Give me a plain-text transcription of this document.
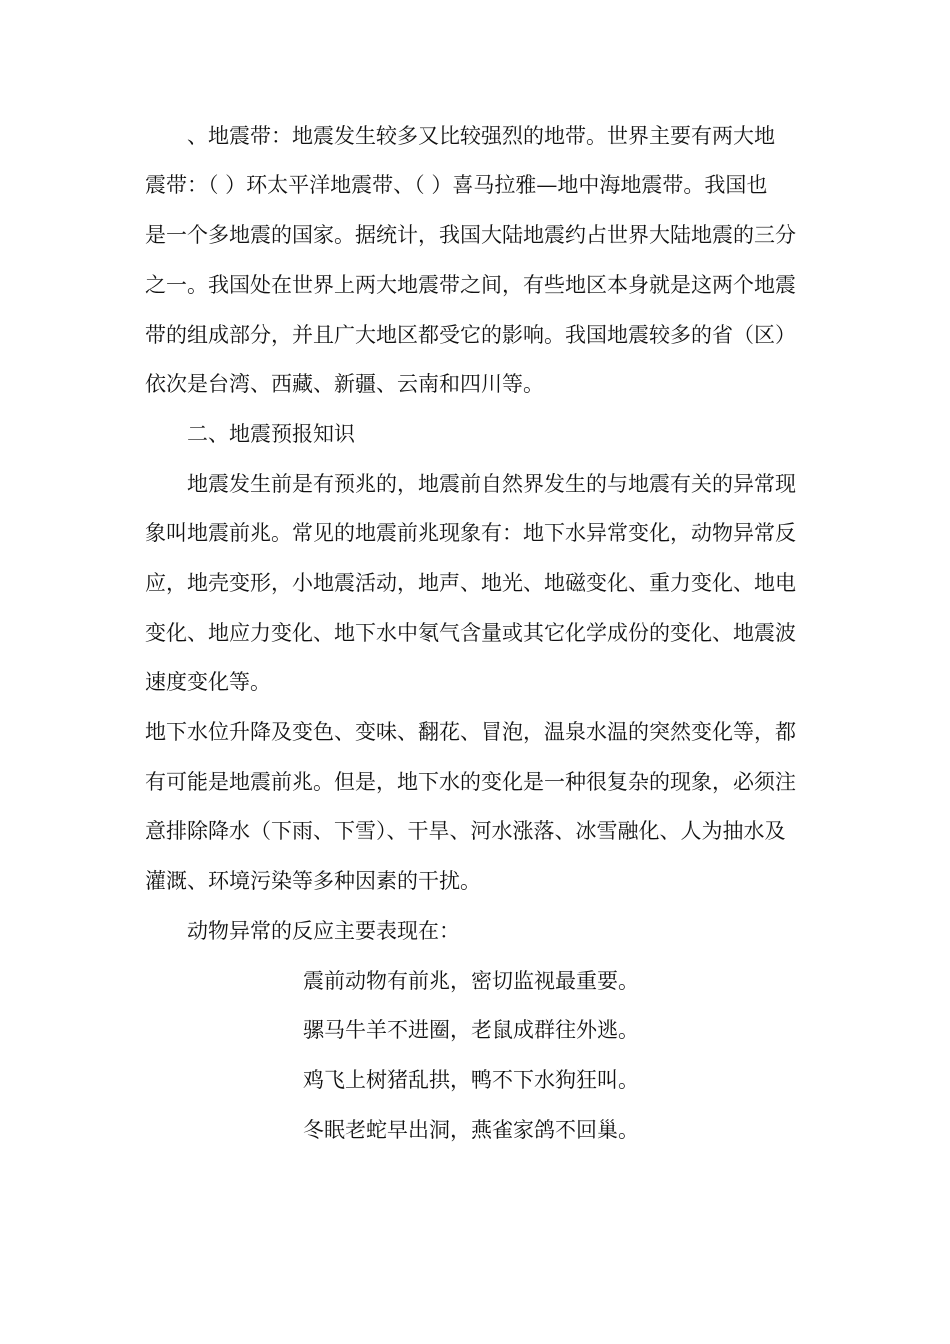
、地震带：地震发生较多又比较强烈的地带。世界主要有两大地
震带：（ ）环太平洋地震带、（ ）喜马拉雅—地中海地震带。我国也
是一个多地震的国家。据统计，我国大陆地震约占世界大陆地震的三分
之一。我国处在世界上两大地震带之间，有些地区本身就是这两个地震
带的组成部分，并且广大地区都受它的影响。我国地震较多的省（区）
依次是台湾、西藏、新疆、云南和四川等。
二、地震预报知识
地震发生前是有预兆的，地震前自然界发生的与地震有关的异常现
象叫地震前兆。常见的地震前兆现象有：地下水异常变化，动物异常反
应，地壳变形，小地震活动，地声、地光、地磁变化、重力变化、地电
变化、地应力变化、地下水中氡气含量或其它化学成份的变化、地震波
速度变化等。
地下水位升降及变色、变味、翻花、冒泡，温泉水温的突然变化等，都
有可能是地震前兆。但是，地下水的变化是一种很复杂的现象，必须注
意排除降水（下雨、下雪）、干旱、河水涨落、冰雪融化、人为抽水及
灌溉、环境污染等多种因素的干扰。
动物异常的反应主要表现在：
震前动物有前兆，密切监视最重要。
骡马牛羊不进圈，老鼠成群往外逃。
鸡飞上树猪乱拱，鸭不下水狗狂叫。
冬眠老蛇早出洞，燕雀家鸽不回巢。
